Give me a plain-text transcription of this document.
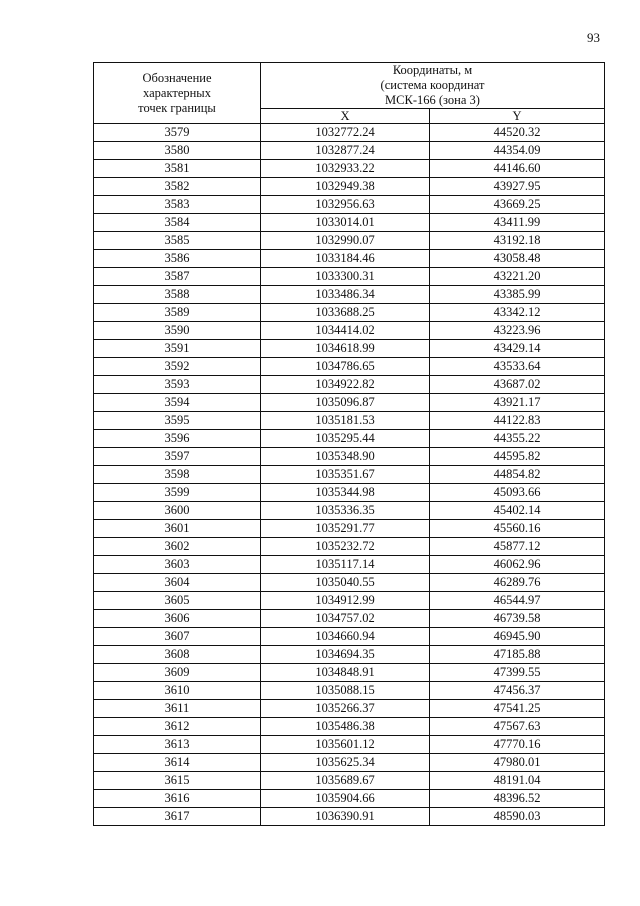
93
Обозначение
характерных
точек границы	Координаты, м
(система координат
МСК-166 (зона 3)	

	X	Y
3579	1032772.24	44520.32
3580	1032877.24	44354.09
3581	1032933.22	44146.60
3582	1032949.38	43927.95
3583	1032956.63	43669.25
3584	1033014.01	43411.99
3585	1032990.07	43192.18
3586	1033184.46	43058.48
3587	1033300.31	43221.20
3588	1033486.34	43385.99
3589	1033688.25	43342.12
3590	1034414.02	43223.96
3591	1034618.99	43429.14
3592	1034786.65	43533.64
3593	1034922.82	43687.02
3594	1035096.87	43921.17
3595	1035181.53	44122.83
3596	1035295.44	44355.22
3597	1035348.90	44595.82
3598	1035351.67	44854.82
3599	1035344.98	45093.66
3600	1035336.35	45402.14
3601	1035291.77	45560.16
3602	1035232.72	45877.12
3603	1035117.14	46062.96
3604	1035040.55	46289.76
3605	1034912.99	46544.97
3606	1034757.02	46739.58
3607	1034660.94	46945.90
3608	1034694.35	47185.88
3609	1034848.91	47399.55
3610	1035088.15	47456.37
3611	1035266.37	47541.25
3612	1035486.38	47567.63
3613	1035601.12	47770.16
3614	1035625.34	47980.01
3615	1035689.67	48191.04
3616	1035904.66	48396.52
3617	1036390.91	48590.03
